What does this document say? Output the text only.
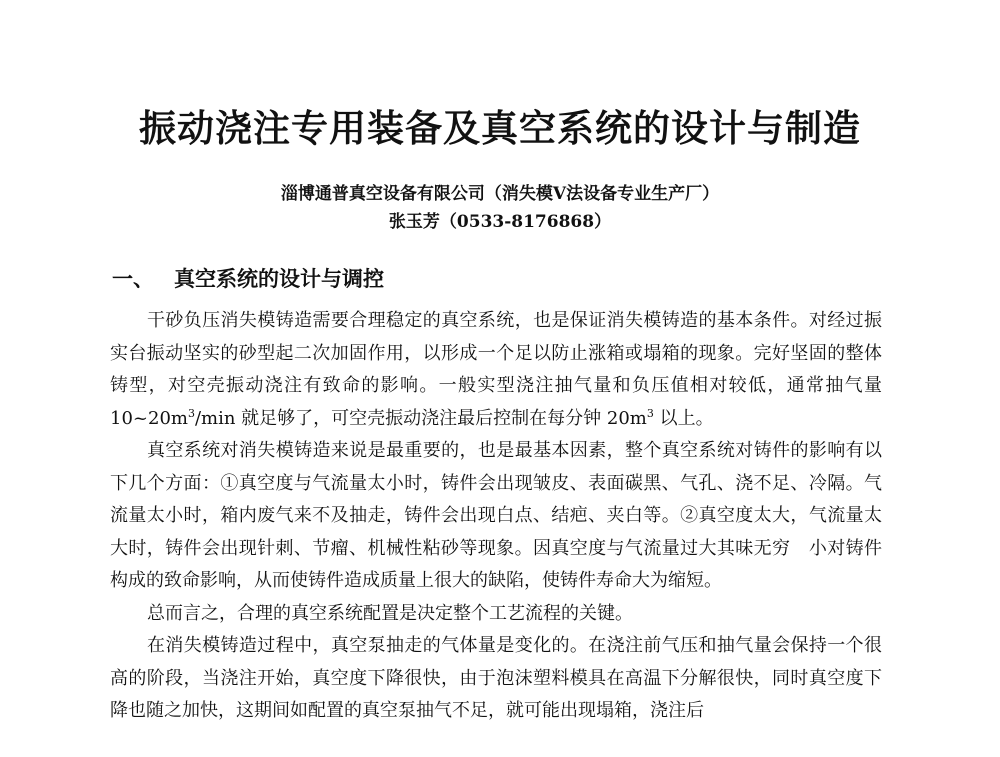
振动浇注专用装备及真空系统的设计与制造

淄博通普真空设备有限公司（消失模V法设备专业生产厂）

张玉芳（0533-8176868）

一、 真空系统的设计与调控

干砂负压消失模铸造需要合理稳定的真空系统，也是保证消失模铸造的基本条件。对经过振实台振动坚实的砂型起二次加固作用，以形成一个足以防止涨箱或塌箱的现象。完好坚固的整体铸型，对空壳振动浇注有致命的影响。一般实型浇注抽气量和负压值相对较低，通常抽气量 $10\sim 20m^3/\min$ 就足够了，可空壳振动浇注最后控制在每分钟 $20m^3$ 以上。

真空系统对消失模铸造来说是最重要的，也是最基本因素，整个真空系统对铸件的影响有以下几个方面：①真空度与气流量太小时，铸件会出现皱皮、表面碳黑、气孔、浇不足、冷隔。气流量太小时，箱内废气来不及抽走，铸件会出现白点、结疤、夹白等。②真空度太大，气流量太大时，铸件会出现针刺、节瘤、机械性粘砂等现象。因真空度与气流量过大其味无穷　小对铸件构成的致命影响，从而使铸件造成质量上很大的缺陷，使铸件寿命大为缩短。

总而言之，合理的真空系统配置是决定整个工艺流程的关键。

在消失模铸造过程中，真空泵抽走的气体量是变化的。在浇注前气压和抽气量会保持一个很高的阶段，当浇注开始，真空度下降很快，由于泡沫塑料模具在高温下分解很快，同时真空度下降也随之加快，这期间如配置的真空泵抽气不足，就可能出现塌箱，浇注后
